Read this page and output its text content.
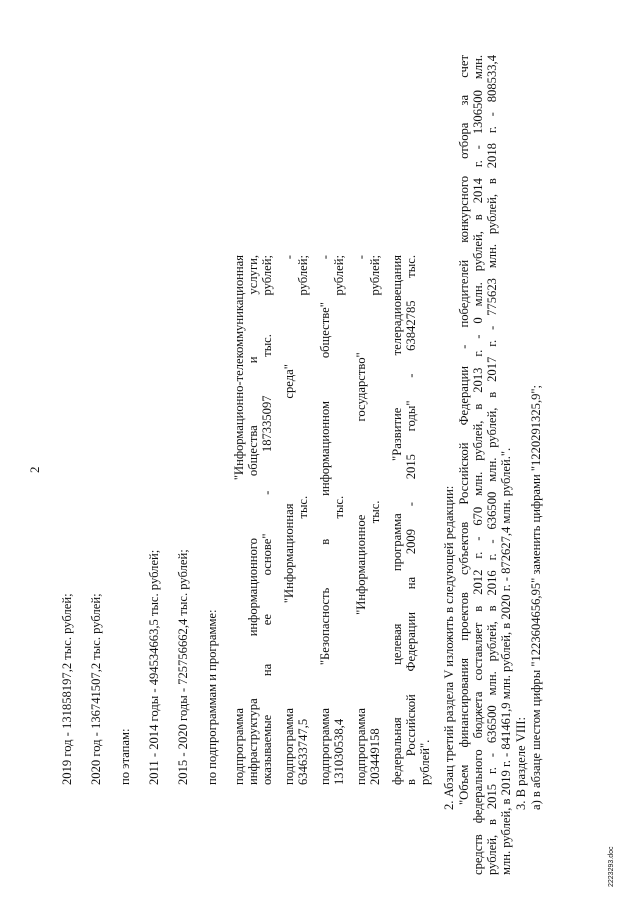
2
2019 год - 131858197,2 тыс. рублей; 2020 год - 136741507,2 тыс. рублей; по этапам: 2011 - 2014 годы - 494534663,5 тыс. рублей; 2015 - 2020 годы - 725756662,4 тыс. рублей; по подпрограммам и программе: подпрограмма "Информационно-телекоммуникационная
инфраструктура информационного общества и услуги,
оказываемые на ее основе" - 187335097 тыс. рублей; подпрограмма "Информационная среда" -
634633747,5 тыс. рублей; подпрограмма "Безопасность в информационном обществе" -
131030538,4 тыс. рублей; подпрограмма "Информационное государство" -
203449158 тыс. рублей; федеральная целевая программа "Развитие телерадиовещания
в Российской Федерации на 2009 - 2015 годы" - 63842785 тыс.
рублей". 2. Абзац третий раздела V изложить в следующей редакции: "Объем финансирования проектов субъектов Российской Федерации - победителей конкурсного отбора за счет
средств федерального бюджета составляет в 2012 г. - 670 млн. рублей, в 2013 г. - 0 млн. рублей, в 2014 г. - 1306500 млн.
рублей, в 2015 г. - 636500 млн. рублей, в 2016 г. - 636500 млн. рублей, в 2017 г. - 775623 млн. рублей, в 2018 г. - 808533,4 млн. рублей, в 2019 г. - 841461,9 млн. рублей, в 2020 г. - 872627,4 млн. рублей.". 3. В разделе VIII: а) в абзаце шестом цифры "1223604656,95" заменить цифрами "1220291325,9";
2223293.doc
